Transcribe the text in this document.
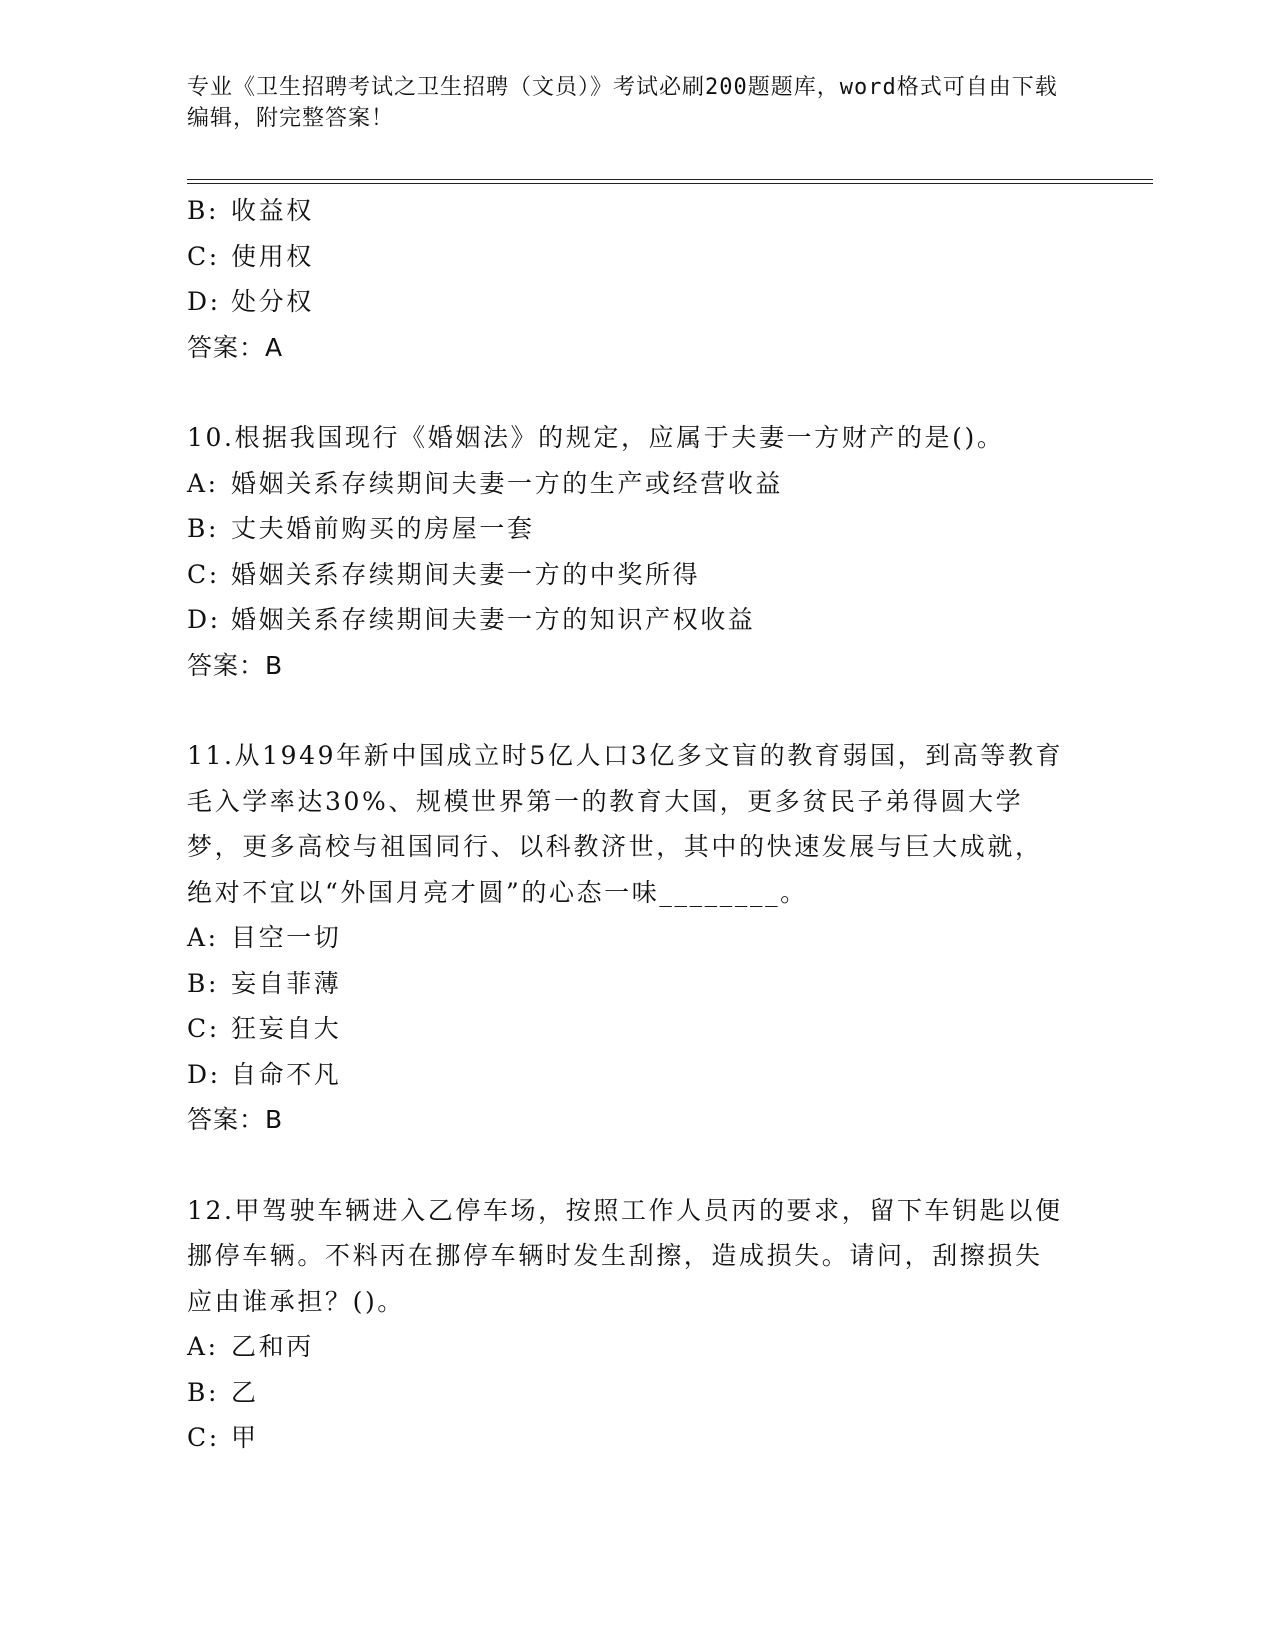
专业《卫生招聘考试之卫生招聘（文员）》考试必刷200题题库，word格式可自由下载编辑，附完整答案！
B: 收益权
C: 使用权
D: 处分权
答案：A
10.根据我国现行《婚姻法》的规定，应属于夫妻一方财产的是()。
A: 婚姻关系存续期间夫妻一方的生产或经营收益
B: 丈夫婚前购买的房屋一套
C: 婚姻关系存续期间夫妻一方的中奖所得
D: 婚姻关系存续期间夫妻一方的知识产权收益
答案：B
11.从1949年新中国成立时5亿人口3亿多文盲的教育弱国，到高等教育毛入学率达30%、规模世界第一的教育大国，更多贫民子弟得圆大学梦，更多高校与祖国同行、以科教济世，其中的快速发展与巨大成就，绝对不宜以“外国月亮才圆”的心态一味________。
A: 目空一切
B: 妄自菲薄
C: 狂妄自大
D: 自命不凡
答案：B
12.甲驾驶车辆进入乙停车场，按照工作人员丙的要求，留下车钥匙以便挪停车辆。不料丙在挪停车辆时发生刮擦，造成损失。请问，刮擦损失应由谁承担？()。
A: 乙和丙
B: 乙
C: 甲
